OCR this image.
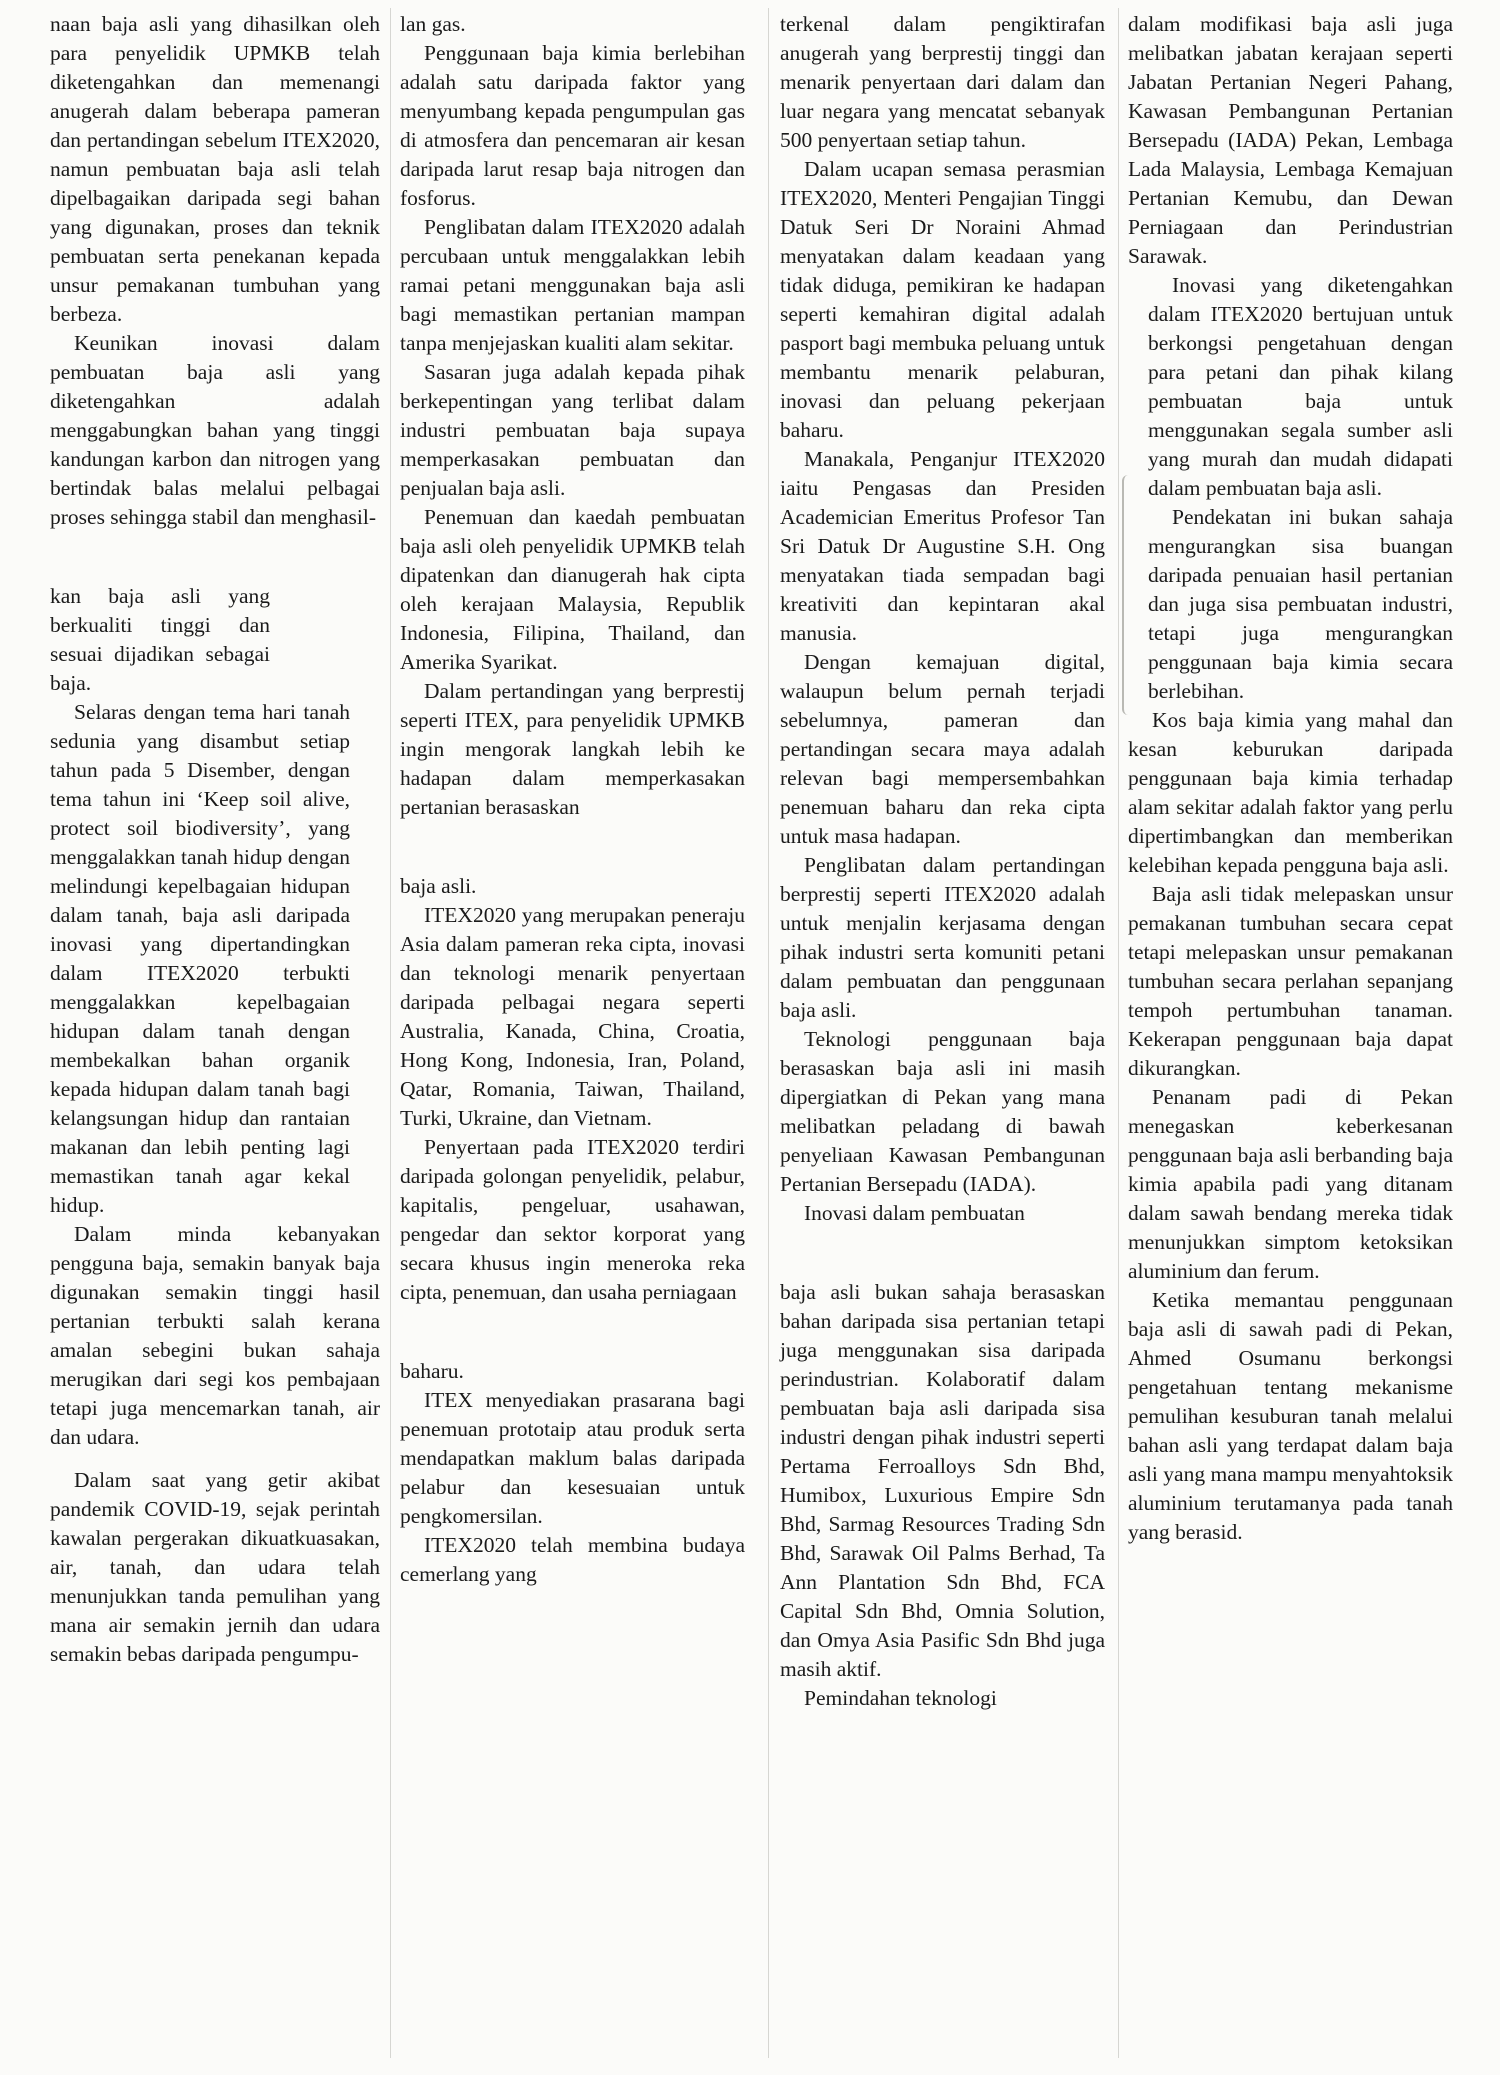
naan baja asli yang dihasilkan oleh para penyelidik UPMKB telah diketengahkan dan memenangi anugerah dalam beberapa pameran dan pertandingan sebelum ITEX2020, namun pembuatan baja asli telah dipelbagaikan daripada segi bahan yang digunakan, proses dan teknik pembuatan serta penekanan kepada unsur pemakanan tumbuhan yang berbeza.

Keunikan inovasi dalam pembuatan baja asli yang diketengahkan adalah menggabungkan bahan yang tinggi kandungan karbon dan nitrogen yang bertindak balas melalui pelbagai proses sehingga stabil dan menghasil-

kan baja asli yang berkualiti tinggi dan sesuai dijadikan sebagai baja.

Selaras dengan tema hari tanah sedunia yang disambut setiap tahun pada 5 Disember, dengan tema tahun ini ‘Keep soil alive, protect soil biodiversity’, yang menggalakkan tanah hidup dengan melindungi kepelbagaian hidupan dalam tanah, baja asli daripada inovasi yang dipertandingkan dalam ITEX2020 terbukti menggalakkan kepelbagaian hidupan dalam tanah dengan membekalkan bahan organik kepada hidupan dalam tanah bagi kelangsungan hidup dan rantaian makanan dan lebih penting lagi memastikan tanah agar kekal hidup.

Dalam minda kebanyakan pengguna baja, semakin banyak baja digunakan semakin tinggi hasil pertanian terbukti salah kerana amalan sebegini bukan sahaja merugikan dari segi kos pembajaan tetapi juga mencemarkan tanah, air dan udara.

Dalam saat yang getir akibat pandemik COVID-19, sejak perintah kawalan pergerakan dikuatkuasakan, air, tanah, dan udara telah menunjukkan tanda pemulihan yang mana air semakin jernih dan udara semakin bebas daripada pengumpu-

lan gas.

Penggunaan baja kimia berlebihan adalah satu daripada faktor yang menyumbang kepada pengumpulan gas di atmosfera dan pencemaran air kesan daripada larut resap baja nitrogen dan fosforus.

Penglibatan dalam ITEX2020 adalah percubaan untuk menggalakkan lebih ramai petani menggunakan baja asli bagi memastikan pertanian mampan tanpa menjejaskan kualiti alam sekitar.

Sasaran juga adalah kepada pihak berkepentingan yang terlibat dalam industri pembuatan baja supaya memperkasakan pembuatan dan penjualan baja asli.

Penemuan dan kaedah pembuatan baja asli oleh penyelidik UPMKB telah dipatenkan dan dianugerah hak cipta oleh kerajaan Malaysia, Republik Indonesia, Filipina, Thailand, dan Amerika Syarikat.

Dalam pertandingan yang berprestij seperti ITEX, para penyelidik UPMKB ingin mengorak langkah lebih ke hadapan dalam memperkasakan pertanian berasaskan

baja asli.

ITEX2020 yang merupakan peneraju Asia dalam pameran reka cipta, inovasi dan teknologi menarik penyertaan daripada pelbagai negara seperti Australia, Kanada, China, Croatia, Hong Kong, Indonesia, Iran, Poland, Qatar, Romania, Taiwan, Thailand, Turki, Ukraine, dan Vietnam.

Penyertaan pada ITEX2020 terdiri daripada golongan penyelidik, pelabur, kapitalis, pengeluar, usahawan, pengedar dan sektor korporat yang secara khusus ingin meneroka reka cipta, penemuan, dan usaha perniagaan

baharu.

ITEX menyediakan prasarana bagi penemuan prototaip atau produk serta mendapatkan maklum balas daripada pelabur dan kesesuaian untuk pengkomersilan.

ITEX2020 telah membina budaya cemerlang yang

terkenal dalam pengiktirafan anugerah yang berprestij tinggi dan menarik penyertaan dari dalam dan luar negara yang mencatat sebanyak 500 penyertaan setiap tahun.

Dalam ucapan semasa perasmian ITEX2020, Menteri Pengajian Tinggi Datuk Seri Dr Noraini Ahmad menyatakan dalam keadaan yang tidak diduga, pemikiran ke hadapan seperti kemahiran digital adalah pasport bagi membuka peluang untuk membantu menarik pelaburan, inovasi dan peluang pekerjaan baharu.

Manakala, Penganjur ITEX2020 iaitu Pengasas dan Presiden Academician Emeritus Profesor Tan Sri Datuk Dr Augustine S.H. Ong menyatakan tiada sempadan bagi kreativiti dan kepintaran akal manusia.

Dengan kemajuan digital, walaupun belum pernah terjadi sebelumnya, pameran dan pertandingan secara maya adalah relevan bagi mempersembahkan penemuan baharu dan reka cipta untuk masa hadapan.

Penglibatan dalam pertandingan berprestij seperti ITEX2020 adalah untuk menjalin kerjasama dengan pihak industri serta komuniti petani dalam pembuatan dan penggunaan baja asli.

Teknologi penggunaan baja berasaskan baja asli ini masih dipergiatkan di Pekan yang mana melibatkan peladang di bawah penyeliaan Kawasan Pembangunan Pertanian Bersepadu (IADA).

Inovasi dalam pembuatan

baja asli bukan sahaja berasaskan bahan daripada sisa pertanian tetapi juga menggunakan sisa daripada perindustrian. Kolaboratif dalam pembuatan baja asli daripada sisa industri dengan pihak industri seperti Pertama Ferroalloys Sdn Bhd, Humibox, Luxurious Empire Sdn Bhd, Sarmag Resources Trading Sdn Bhd, Sarawak Oil Palms Berhad, Ta Ann Plantation Sdn Bhd, FCA Capital Sdn Bhd, Omnia Solution, dan Omya Asia Pasific Sdn Bhd juga masih aktif.

Pemindahan teknologi

dalam modifikasi baja asli juga melibatkan jabatan kerajaan seperti Jabatan Pertanian Negeri Pahang, Kawasan Pembangunan Pertanian Bersepadu (IADA) Pekan, Lembaga Lada Malaysia, Lembaga Kemajuan Pertanian Kemubu, dan Dewan Perniagaan dan Perindustrian Sarawak.

Inovasi yang diketengahkan dalam ITEX2020 bertujuan untuk berkongsi pengetahuan dengan para petani dan pihak kilang pembuatan baja untuk menggunakan segala sumber asli yang murah dan mudah didapati dalam pembuatan baja asli.

Pendekatan ini bukan sahaja mengurangkan sisa buangan daripada penuaian hasil pertanian dan juga sisa pembuatan industri, tetapi juga mengurangkan penggunaan baja kimia secara berlebihan.

Kos baja kimia yang mahal dan kesan keburukan daripada penggunaan baja kimia terhadap alam sekitar adalah faktor yang perlu dipertimbangkan dan memberikan kelebihan kepada pengguna baja asli.

Baja asli tidak melepaskan unsur pemakanan tumbuhan secara cepat tetapi melepaskan unsur pemakanan tumbuhan secara perlahan sepanjang tempoh pertumbuhan tanaman. Kekerapan penggunaan baja dapat dikurangkan.

Penanam padi di Pekan menegaskan keberkesanan penggunaan baja asli berbanding baja kimia apabila padi yang ditanam dalam sawah bendang mereka tidak menunjukkan simptom ketoksikan aluminium dan ferum.

Ketika memantau penggunaan baja asli di sawah padi di Pekan, Ahmed Osumanu berkongsi pengetahuan tentang mekanisme pemulihan kesuburan tanah melalui bahan asli yang terdapat dalam baja asli yang mana mampu menyahtoksik aluminium terutamanya pada tanah yang berasid.
